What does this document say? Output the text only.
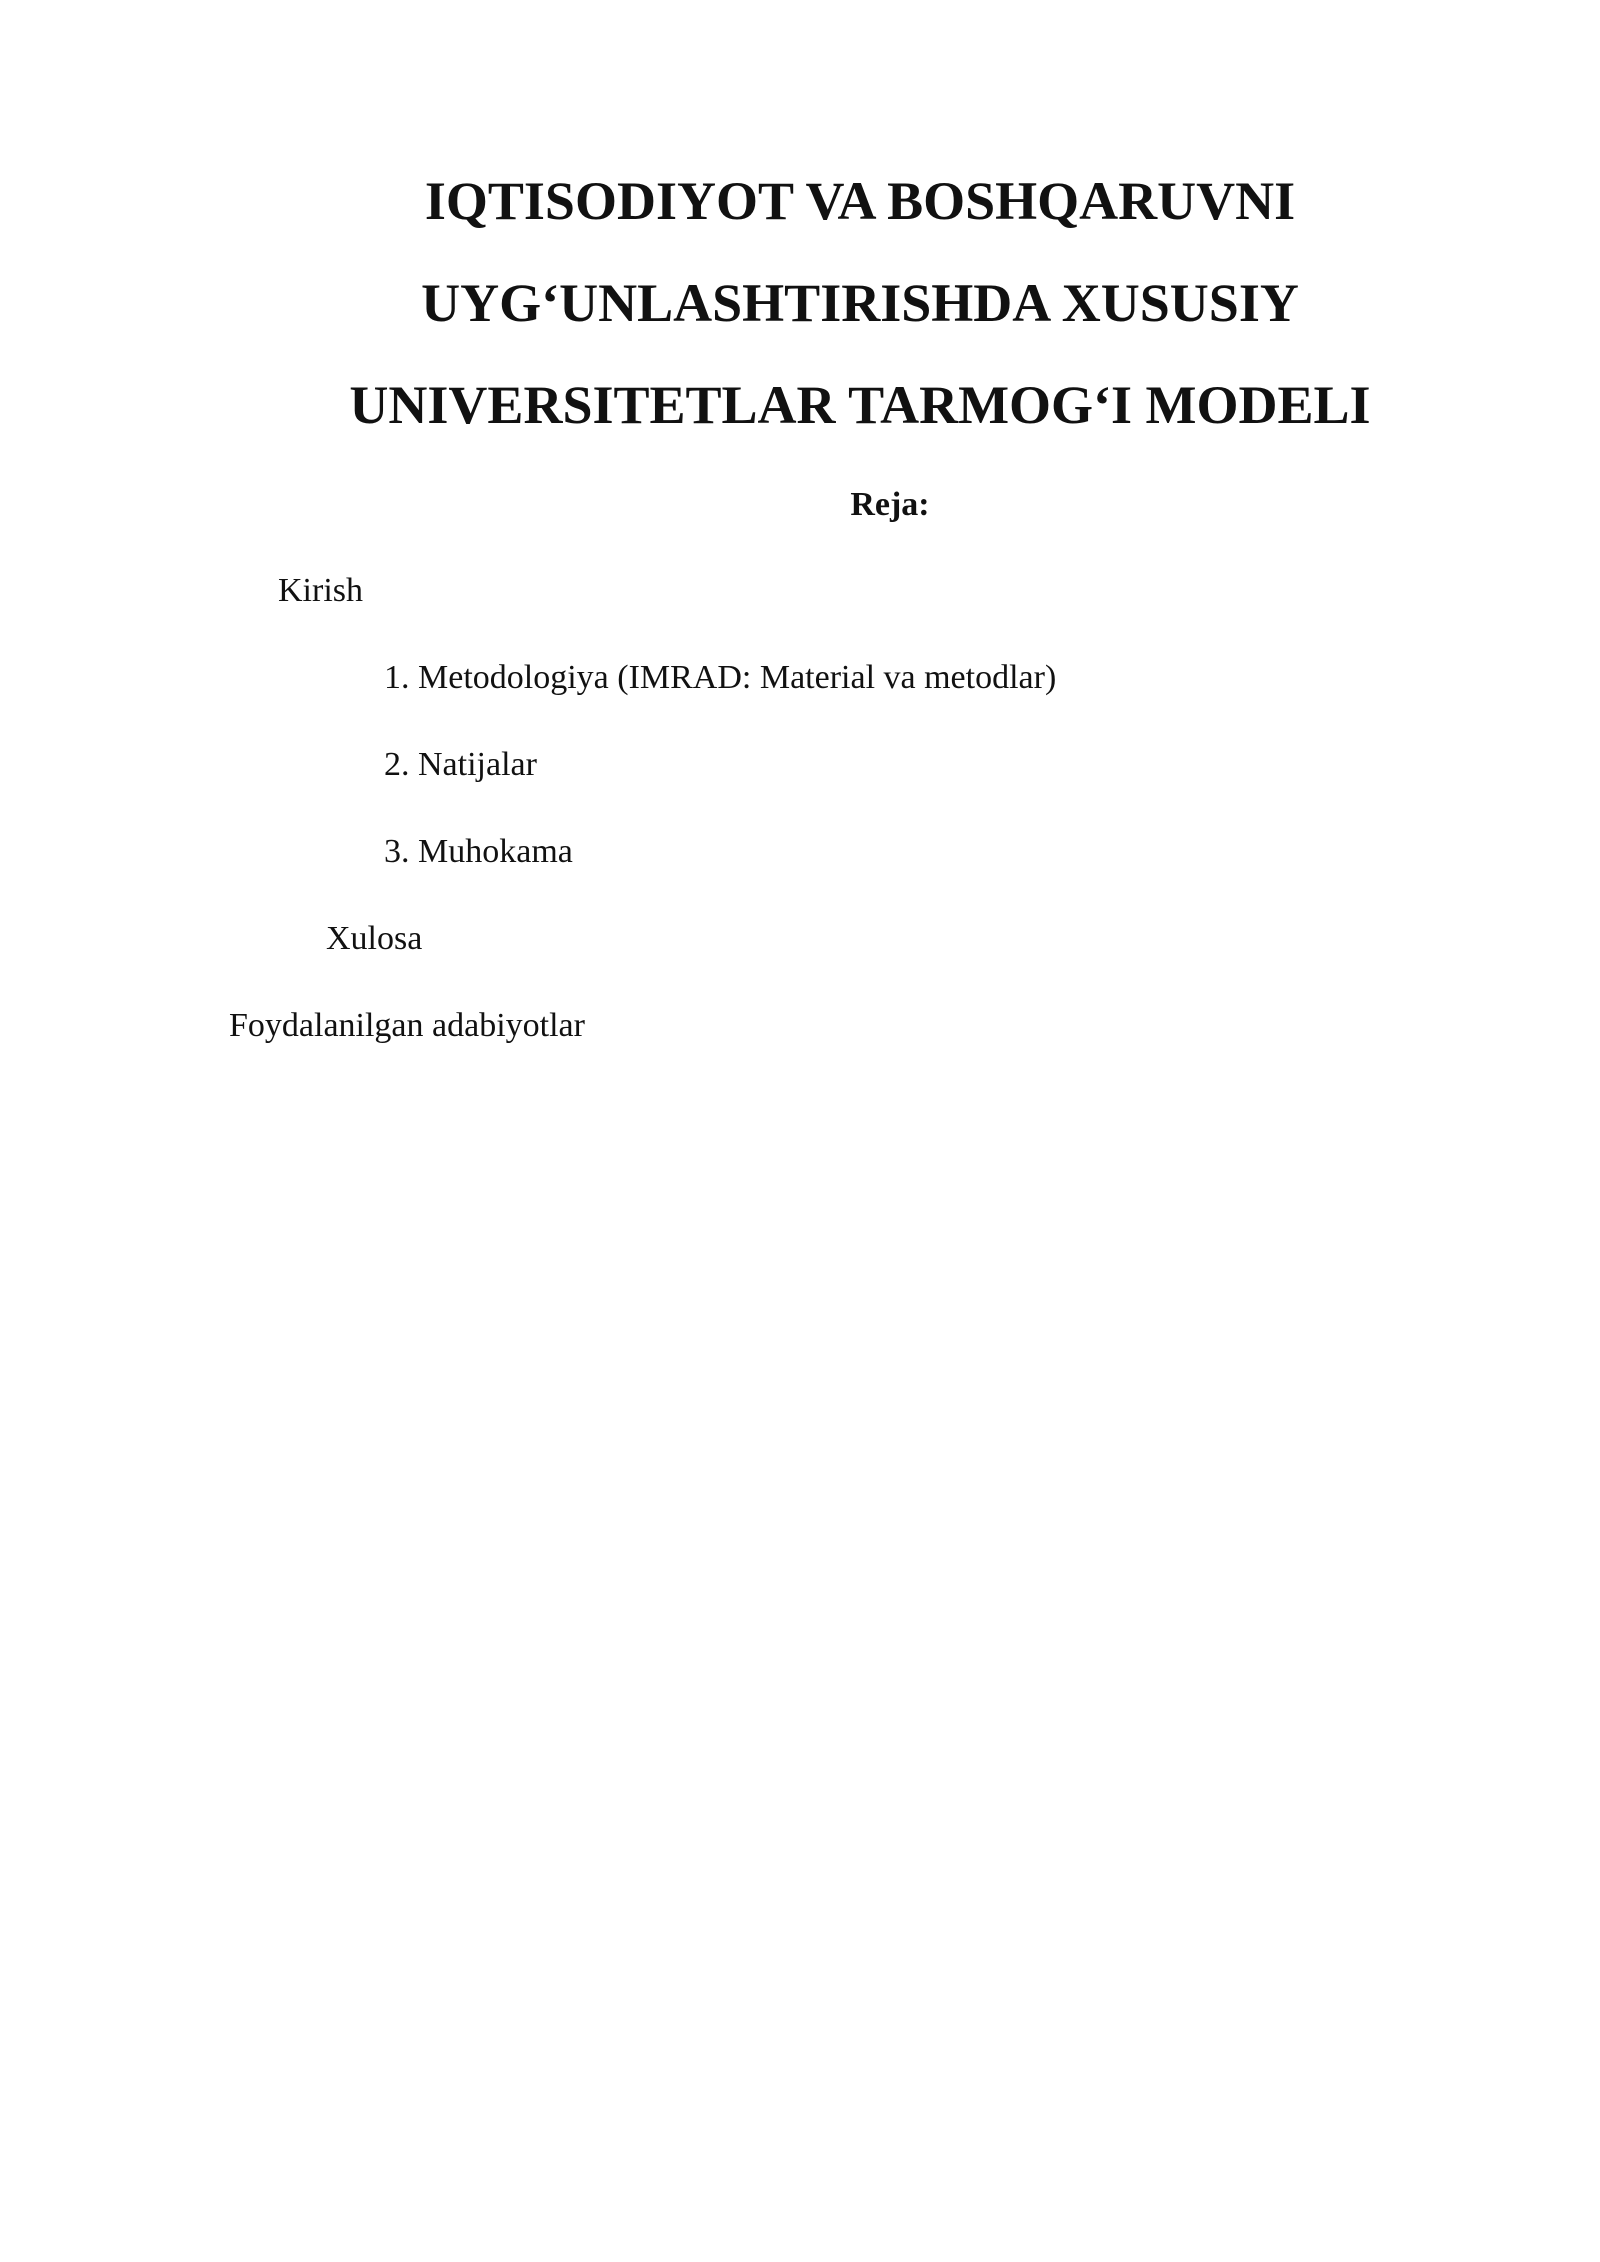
IQTISODIYOT VA BOSHQARUVNI
UYG‘UNLASHTIRISHDA XUSUSIY
UNIVERSITETLAR TARMOG‘I MODELI

Reja:

Kirish

1. Metodologiya (IMRAD: Material va metodlar)

2. Natijalar

3. Muhokama

Xulosa

Foydalanilgan adabiyotlar
